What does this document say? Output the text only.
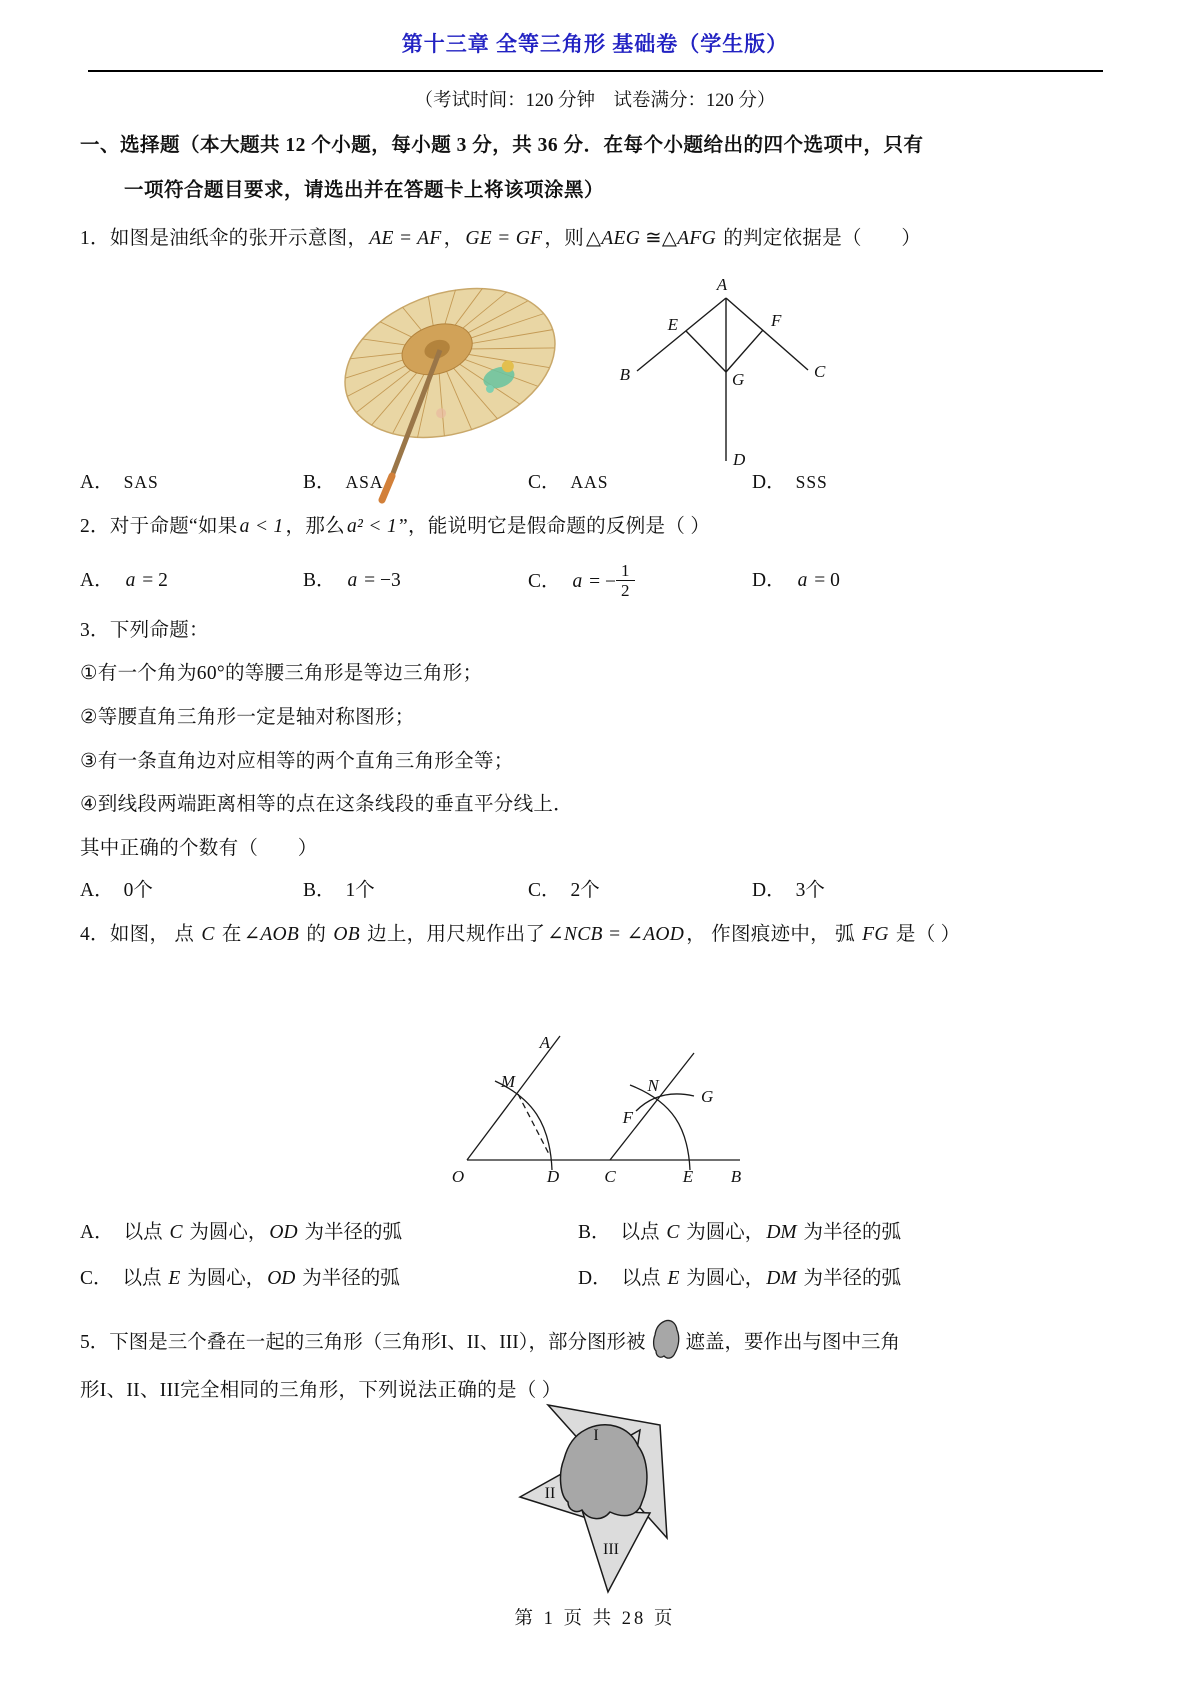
第十三章 全等三角形 基础卷（学生版）
（考试时间：120 分钟　试卷满分：120 分）
一、选择题（本大题共 12 个小题，每小题 3 分，共 36 分．在每个小题给出的四个选项中，只有
一项符合题目要求，请选出并在答题卡上将该项涂黑）
1．如图是油纸伞的张开示意图， AE = AF ， GE = GF ，则 △AEG ≅△AFG 的判定依据是（　　）
A
E	F
B	C
G
D
A． SAS	B． ASA	C． AAS	D． SSS
2．对于命题“如果 a < 1 ，那么 a² < 1 ”，能说明它是假命题的反例是（ ）
A． a = 2	B． a = −3	C． a = − $\frac{1}{2}$	D． a = 0
3．下列命题：
①有一个角为60°的等腰三角形是等边三角形；
②等腰直角三角形一定是轴对称图形；
③有一条直角边对应相等的两个直角三角形全等；
④到线段两端距离相等的点在这条线段的垂直平分线上．
其中正确的个数有（　　）
A． 0个	B． 1个	C． 2个	D． 3个
4．如图， 点 C 在 ∠AOB 的 OB 边上，用尺规作出了 ∠NCB = ∠AOD ， 作图痕迹中， 弧 FG 是（ ）
A
M
O	D	C	E B
N
F
G
A． 以点 C 为圆心， OD 为半径的弧	B． 以点 C 为圆心， DM 为半径的弧
C． 以点 E 为圆心， OD 为半径的弧	D． 以点 E 为圆心， DM 为半径的弧
5．下图是三个叠在一起的三角形（三角形I、II、III），部分图形被 遮盖，要作出与图中三角
形I、II、III完全相同的三角形，下列说法正确的是（ ）
I
II
III
第 1 页 共 28 页
